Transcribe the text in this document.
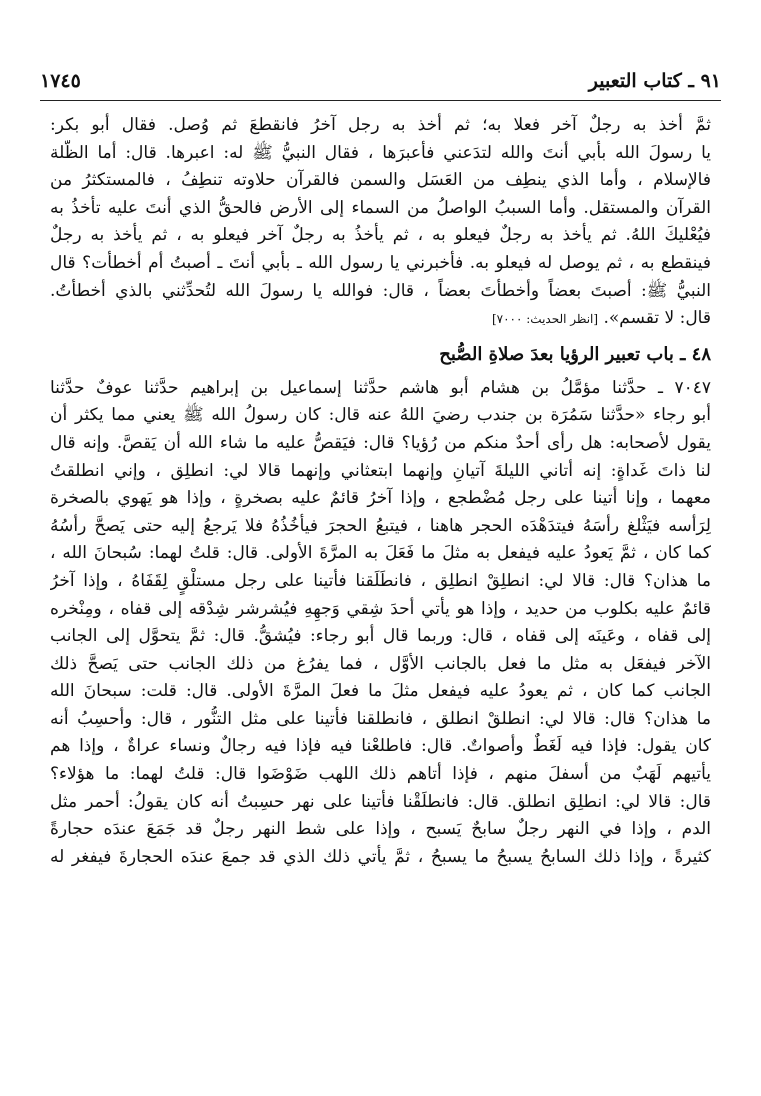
٩١ ـ كتاب التعبير
١٧٤٥
ثمَّ أخذ به رجلٌ آخر فعلا به؛ ثم أخذ به رجل آخرُ فانقطعَ ثم وُصل. فقال أبو بكر:
يا رسولَ الله بأبي أنتَ والله لتدَعني فأعبرَها ، فقال النبيُّ ﷺ له: اعبرها. قال: أما الظُّلة
فالإسلام ، وأما الذي ينطِف من العَسَل والسمن فالقرآن حلاوته تنطِفُ ، فالمستكثرُ من
القرآن والمستقل. وأما السببُ الواصلُ من السماء إلى الأرض فالحقُّ الذي أنتَ عليه تأخذُ به
فيُعْليكَ اللهُ. ثم يأخذ به رجلٌ فيعلو به ، ثم يأخذُ به رجلٌ آخر فيعلو به ، ثم يأخذ به رجلٌ
فينقطع به ، ثم يوصل له فيعلو به. فأخبرني يا رسول الله ـ بأبي أنتَ ـ أصبتُ أم أخطأت؟ قال
النبيُّ ﷺ: أصبتَ بعضاً وأخطأتَ بعضاً ، قال: فوالله يا رسولَ الله لتُحدِّثني بالذي أخطأتُ.
قال: لا تقسم». [انظر الحديث: ٧٠٠٠]
٤٨ ـ باب تعبير الرؤيا بعدَ صلاةِ الصُّبح
٧٠٤٧ ـ حدَّثنا مؤمَّلُ بن هشام أبو هاشم حدَّثنا إسماعيل بن إبراهيم حدَّثنا عوفٌ حدَّثنا
أبو رجاء «حدَّثنا سَمُرَة بن جندب رضيَ اللهُ عنه قال: كان رسولُ الله ﷺ يعني مما يكثر أن
يقول لأصحابه: هل رأى أحدٌ منكم من رُؤيا؟ قال: فيَقصُّ عليه ما شاء الله أن يَقصَّ. وإنه قال
لنا ذاتَ غَداةٍ: إنه أتاني الليلةَ آتيانِ وإنهما ابتعثاني وإنهما قالا لي: انطلِق ، وإني انطلقتُ
معهما ، وإنا أتينا على رجل مُضْطجع ، وإذا آخرُ قائمٌ عليه بصخرةٍ ، وإذا هو يَهوي بالصخرة
لِرَأسه فيَثْلغ رأسَهُ فيتدَهْدَه الحجر هاهنا ، فيتبعُ الحجرَ فيأخُذُهُ فلا يَرجعُ إليه حتى يَصحَّ رأسُهُ
كما كان ، ثمَّ يَعودُ عليه فيفعل به مثلَ ما فَعَلَ به المرَّةَ الأولى. قال: قلتُ لهما: سُبحانَ الله ،
ما هذان؟ قال: قالا لي: انطلِقْ انطلِق ، فانطَلَقنا فأتينا على رجل مستلْقٍ لِقَفَاهُ ، وإذا آخرُ
قائمٌ عليه بكلوب من حديد ، وإذا هو يأتي أحدَ شِقي وَجهِهِ فيُشرشر شِدْقه إلى قفاه ، ومِنْخره
إلى قفاه ، وعَينَه إلى قفاه ، قال: وربما قال أبو رجاء: فيُشقُّ. قال: ثمَّ يتحوَّل إلى الجانب
الآخر فيفعَل به مثل ما فعل بالجانب الأوَّل ، فما يفرُغ من ذلك الجانب حتى يَصحَّ ذلك
الجانب كما كان ، ثم يعودُ عليه فيفعل مثلَ ما فعلَ المرَّةَ الأولى. قال: قلت: سبحانَ الله
ما هذان؟ قال: قالا لي: انطلقْ انطلق ، فانطلقنا فأتينا على مثل التنُّور ، قال: وأحسِبُ أنه
كان يقول: فإذا فيه لَغَطٌ وأصواتٌ. قال: فاطلعْنا فيه فإذا فيه رجالٌ ونساء عراةٌ ، وإذا هم
يأتيهم لَهَبٌ من أسفلَ منهم ، فإذا أتاهم ذلك اللهب ضَوْضَوا قال: قلتُ لهما: ما هؤلاء؟
قال: قالا لي: انطلِق انطلق. قال: فانطلَقْنا فأتينا على نهر حسِبتُ أنه كان يقولُ: أحمر مثل
الدم ، وإذا في النهر رجلٌ سابحٌ يَسبح ، وإذا على شط النهر رجلٌ قد جَمَعَ عندَه حجارةً
كثيرةً ، وإذا ذلك السابحُ يسبحُ ما يسبحُ ، ثمَّ يأتي ذلك الذي قد جمعَ عندَه الحجارةَ فيفغر له
